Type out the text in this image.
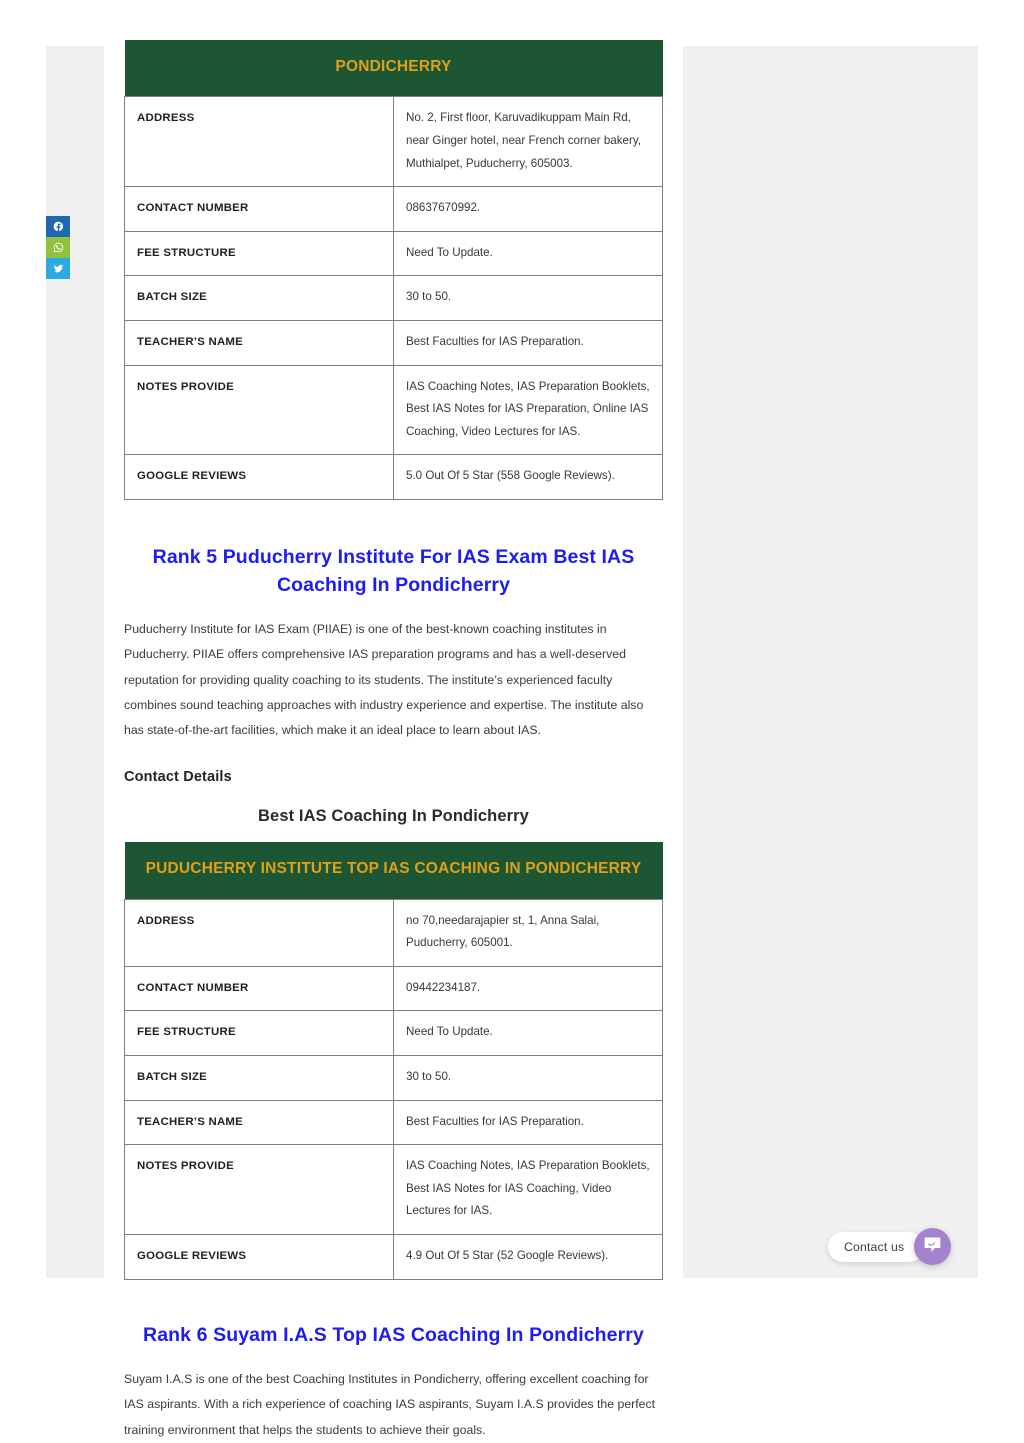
PONDICHERRY	
ADDRESS	No. 2, First floor, Karuvadikuppam Main Rd, near Ginger hotel, near French corner bakery, Muthialpet, Puducherry, 605003.
CONTACT NUMBER	08637670992.
FEE STRUCTURE	Need To Update.
BATCH SIZE	30 to 50.
TEACHER’S NAME	Best Faculties for IAS Preparation.
NOTES PROVIDE	IAS Coaching Notes, IAS Preparation Booklets, Best IAS Notes for IAS Preparation, Online IAS Coaching, Video Lectures for IAS.
GOOGLE REVIEWS	5.0 Out Of 5 Star (558 Google Reviews).
Rank 5 Puducherry Institute For IAS Exam Best IAS Coaching In Pondicherry

Puducherry Institute for IAS Exam (PIIAE) is one of the best-known coaching institutes in Puducherry. PIIAE offers comprehensive IAS preparation programs and has a well-deserved reputation for providing quality coaching to its students. The institute’s experienced faculty combines sound teaching approaches with industry experience and expertise. The institute also has state-of-the-art facilities, which make it an ideal place to learn about IAS.

Contact Details
Best IAS Coaching In Pondicherry
PUDUCHERRY INSTITUTE TOP IAS COACHING IN PONDICHERRY	
ADDRESS	no 70,needarajapier st, 1, Anna Salai, Puducherry, 605001.
CONTACT NUMBER	09442234187.
FEE STRUCTURE	Need To Update.
BATCH SIZE	30 to 50.
TEACHER’S NAME	Best Faculties for IAS Preparation.
NOTES PROVIDE	IAS Coaching Notes, IAS Preparation Booklets, Best IAS Notes for IAS Coaching, Video Lectures for IAS.
GOOGLE REVIEWS	4.9 Out Of 5 Star (52 Google Reviews).
Rank 6 Suyam I.A.S Top IAS Coaching In Pondicherry

Suyam I.A.S is one of the best Coaching Institutes in Pondicherry, offering excellent coaching for IAS aspirants. With a rich experience of coaching IAS aspirants, Suyam I.A.S provides the perfect training environment that helps the students to achieve their goals.

Contact us
